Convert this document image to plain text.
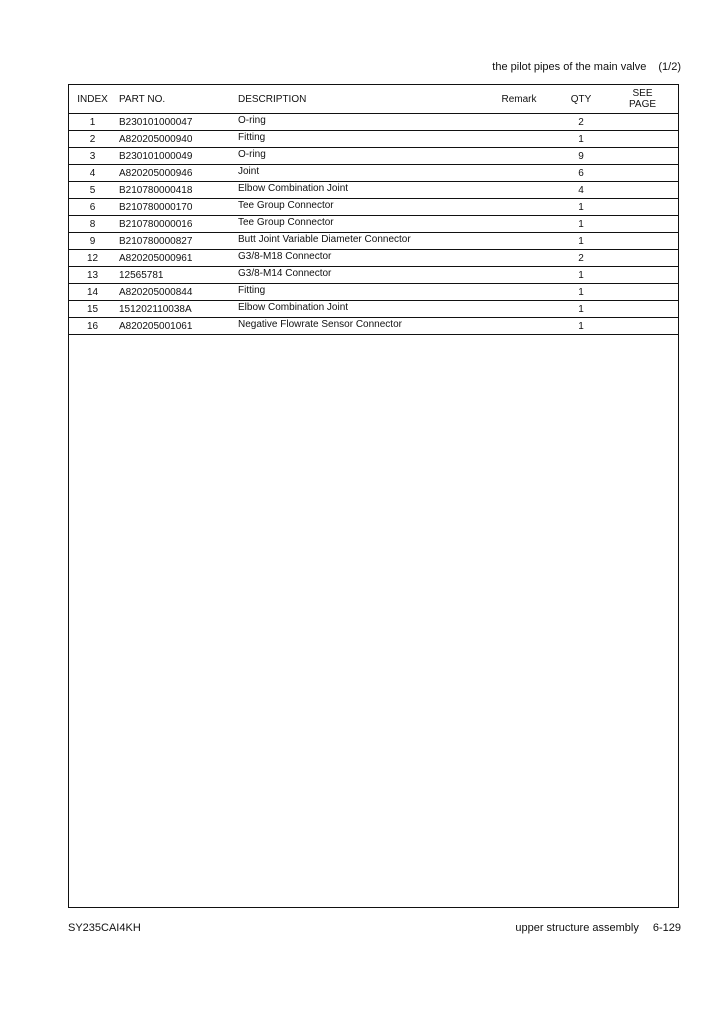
the pilot pipes of the main valve (1/2)
INDEX	PART NO.	DESCRIPTION	Remark	QTY	SEE
PAGE
1	B230101000047	O-ring		2	
2	A820205000940	Fitting		1	
3	B230101000049	O-ring		9	
4	A820205000946	Joint		6	
5	B210780000418	Elbow Combination Joint		4	
6	B210780000170	Tee Group Connector		1	
8	B210780000016	Tee Group Connector		1	
9	B210780000827	Butt Joint Variable Diameter Connector		1	
12	A820205000961	G3/8-M18 Connector		2	
13	12565781	G3/8-M14 Connector		1	
14	A820205000844	Fitting		1	
15	151202110038A	Elbow Combination Joint		1	
16	A820205001061	Negative Flowrate Sensor Connector		1	
SY235CAI4KH	upper structure assembly 6-129
